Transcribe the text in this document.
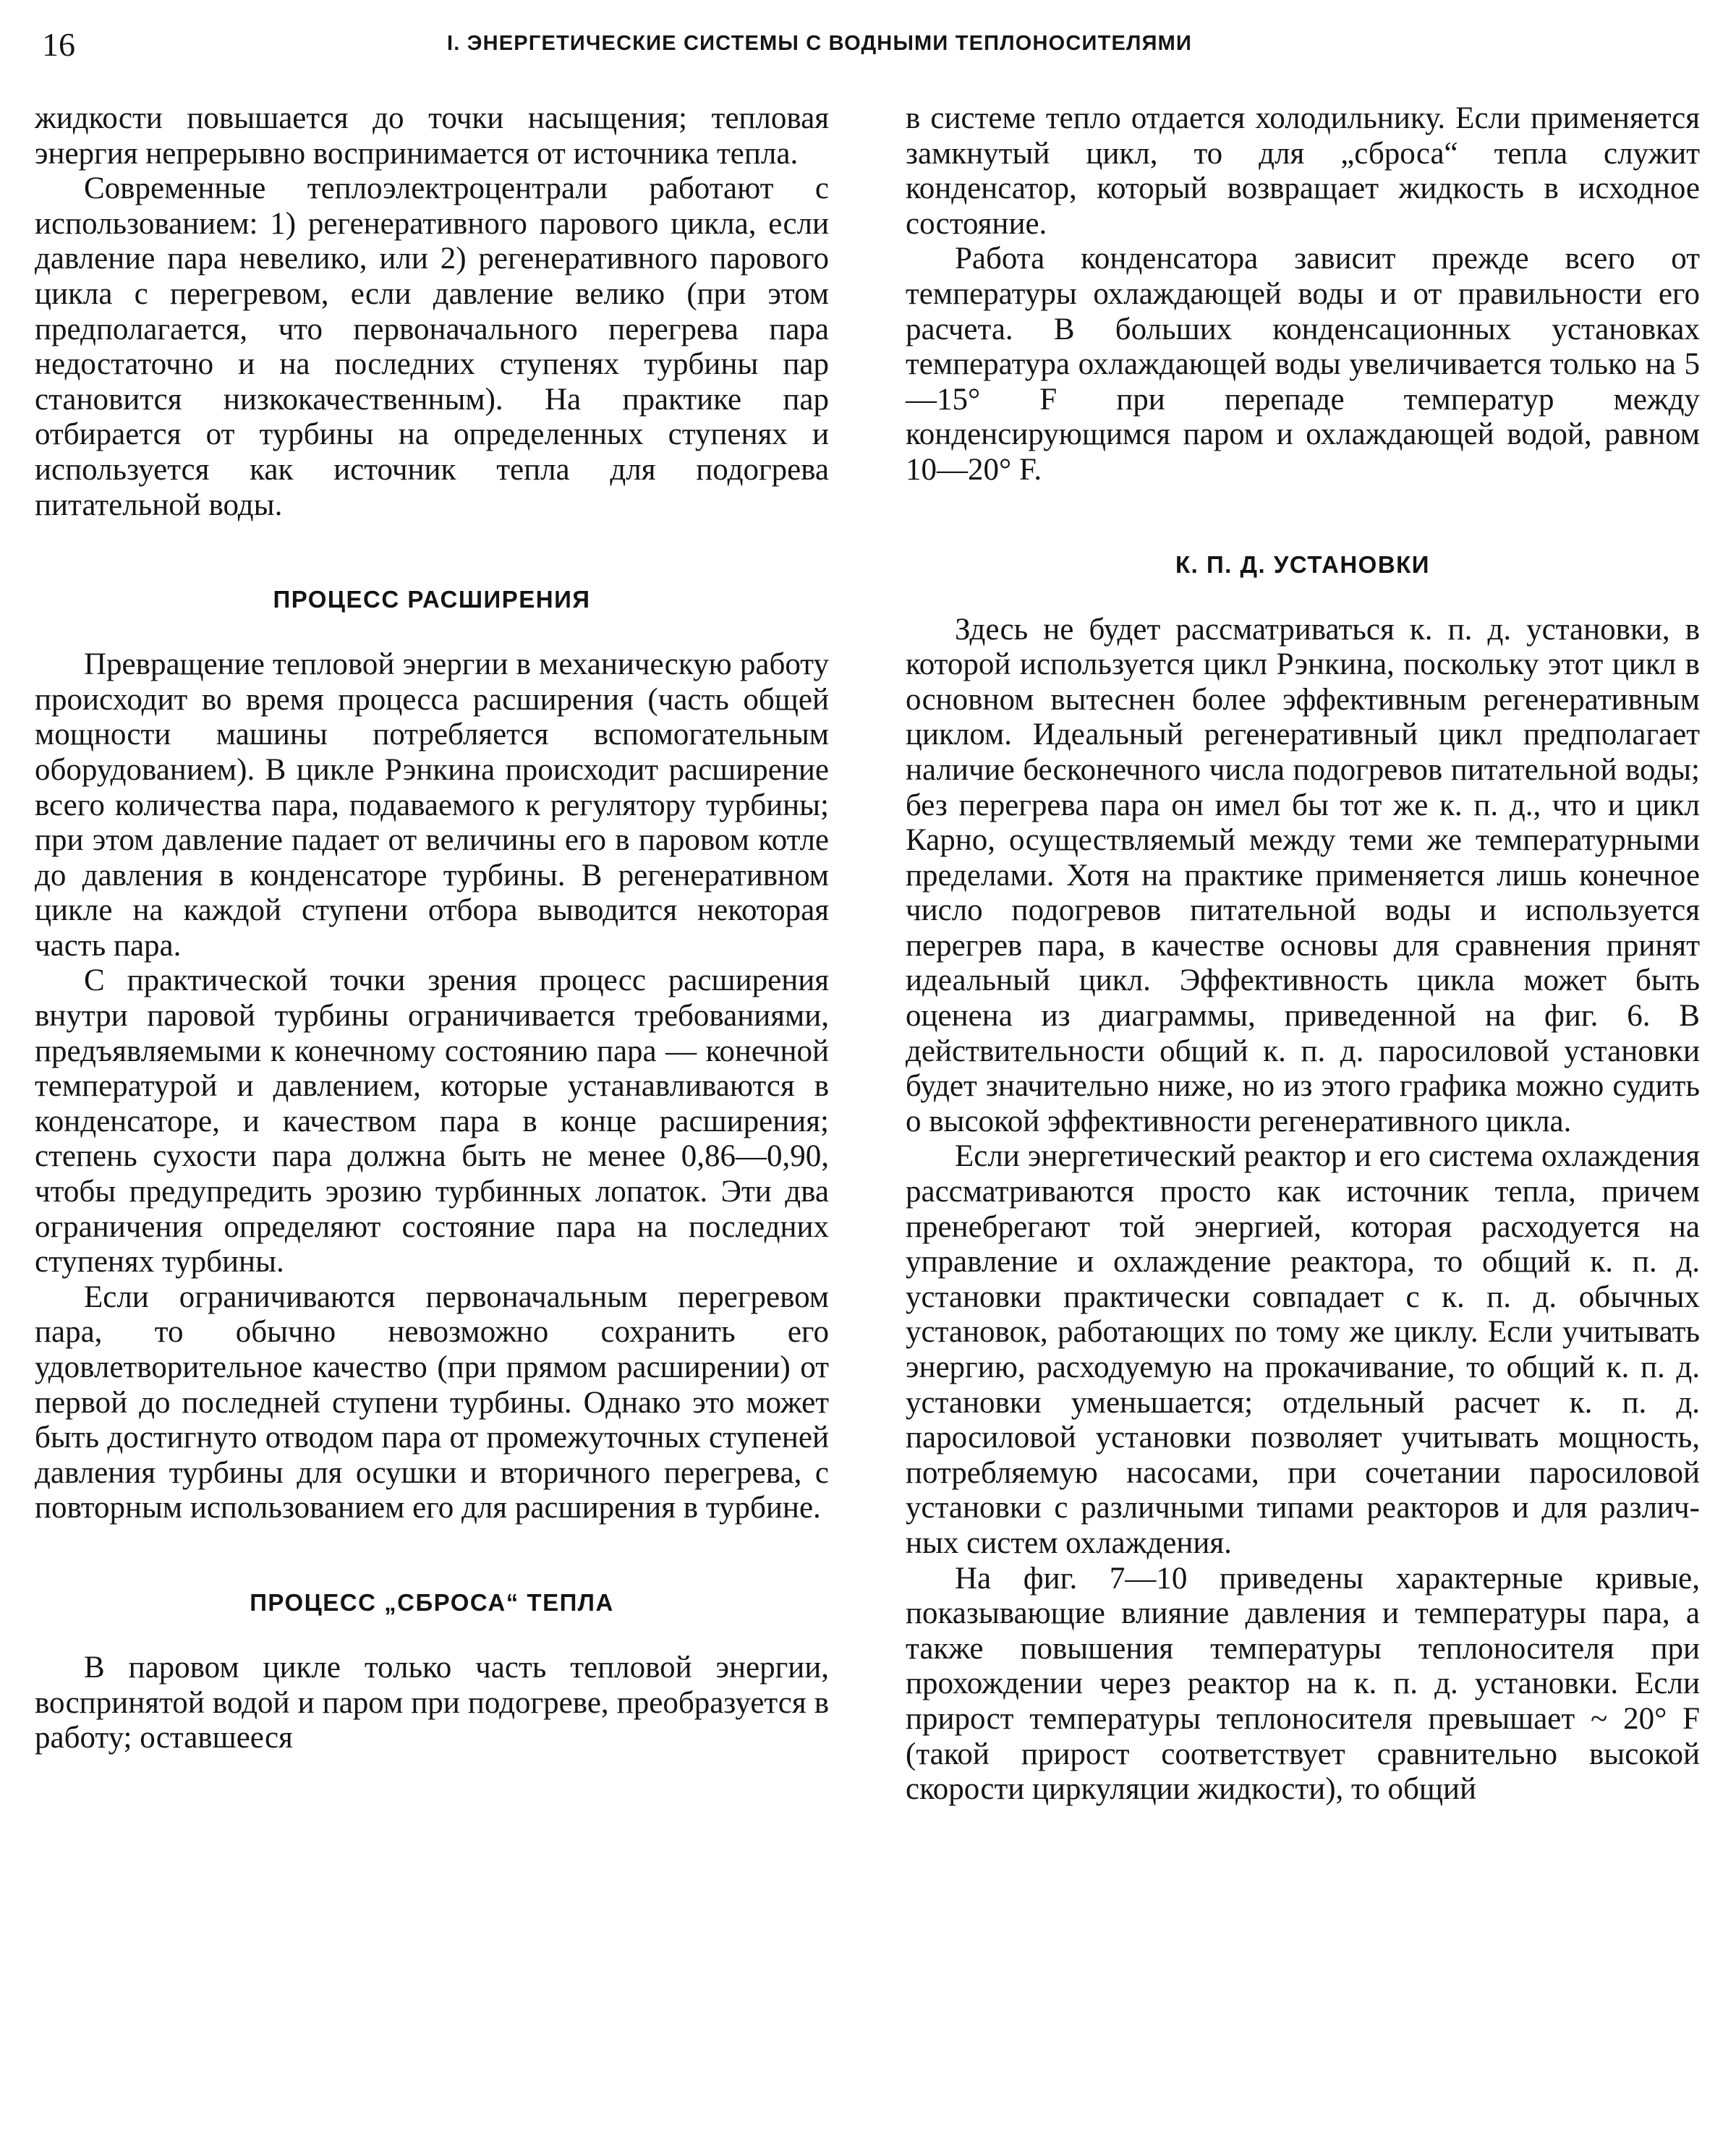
16	I. ЭНЕРГЕТИЧЕСКИЕ СИСТЕМЫ С ВОДНЫМИ ТЕПЛОНОСИТЕЛЯМИ

жидкости повышается до точки насыщения; тепловая энергия непрерывно воспринимается от источника тепла.

Современные теплоэлектроцентрали работают с использованием: 1) регенеративного парового цикла, если давление пара невелико, или 2) регенеративного парового цикла с перегревом, если давление велико (при этом предполагается, что первоначального перегрева пара недостаточно и на последних ступенях турбины пар становится низкокачественным). На практике пар отбирается от турбины на определенных ступенях и используется как источник тепла для подогрева питательной воды.

ПРОЦЕСС РАСШИРЕНИЯ

Превращение тепловой энергии в механическую работу происходит во время процесса расширения (часть общей мощности машины потребляется вспомогательным оборудованием). В цикле Рэнкина происходит расширение всего количества пара, подаваемого к регулятору турбины; при этом давление падает от величины его в паровом котле до давления в конденсаторе турбины. В регенеративном цикле на каждой ступени отбора выводится некоторая часть пара.

С практической точки зрения процесс расширения внутри паровой турбины ограничивается требованиями, предъявляемыми к конечному состоянию пара — конечной температурой и давлением, которые устанавливаются в конденсаторе, и качеством пара в конце расширения; степень сухости пара должна быть не менее 0,86—0,90, чтобы предупредить эрозию турбинных лопаток. Эти два ограничения определяют состояние пара на последних ступенях турбины.

Если ограничиваются первоначальным перегревом пара, то обычно невозможно сохранить его удовлетворительное качество (при прямом расширении) от первой до последней ступени турбины. Однако это может быть достигнуто отводом пара от промежуточных ступеней давления турбины для осушки и вторичного перегрева, с повторным использованием его для расширения в турбине.

ПРОЦЕСС „СБРОСА“ ТЕПЛА

В паровом цикле только часть тепловой энергии, воспринятой водой и паром при подогреве, преобразуется в работу; оставшееся

в системе тепло отдается холодильнику. Если применяется замкнутый цикл, то для „сброса“ тепла служит конденсатор, который возвращает жидкость в исходное состояние.

Работа конденсатора зависит прежде всего от температуры охлаждающей воды и от правильности его расчета. В больших конденсационных установках температура охлаждающей воды увеличивается только на 5—15° F при перепаде температур между конденсирующимся паром и охлаждающей водой, равном 10—20° F.

К. П. Д. УСТАНОВКИ

Здесь не будет рассматриваться к. п. д. установки, в которой используется цикл Рэнкина, поскольку этот цикл в основном вытеснен более эффективным регенеративным циклом. Идеальный регенеративный цикл предполагает наличие бесконечного числа подогревов питательной воды; без перегрева пара он имел бы тот же к. п. д., что и цикл Карно, осуществляемый между теми же температурными пределами. Хотя на практике применяется лишь конечное число подогревов питательной воды и используется перегрев пара, в качестве основы для сравнения принят идеальный цикл. Эффективность цикла может быть оценена из диаграммы, приведенной на фиг. 6. В действительности общий к. п. д. паросиловой установки будет значительно ниже, но из этого графика можно судить о высокой эффективности регенеративного цикла.

Если энергетический реактор и его система охлаждения рассматриваются просто как источник тепла, причем пренебрегают той энергией, которая расходуется на управление и охлаждение реактора, то общий к. п. д. установки практически совпадает с к. п. д. обычных установок, работающих по тому же циклу. Если учитывать энергию, расходуемую на прокачивание, то общий к. п. д. установки уменьшается; отдельный расчет к. п. д. паросиловой установки позволяет учитывать мощность, потребляемую насосами, при сочетании паросиловой установки с различными типами реакторов и для различных систем охлаждения.

На фиг. 7—10 приведены характерные кривые, показывающие влияние давления и температуры пара, а также повышения температуры теплоносителя при прохождении через реактор на к. п. д. установки. Если прирост температуры теплоносителя превышает ~ 20° F (такой прирост соответствует сравнительно высокой скорости циркуляции жидкости), то общий
